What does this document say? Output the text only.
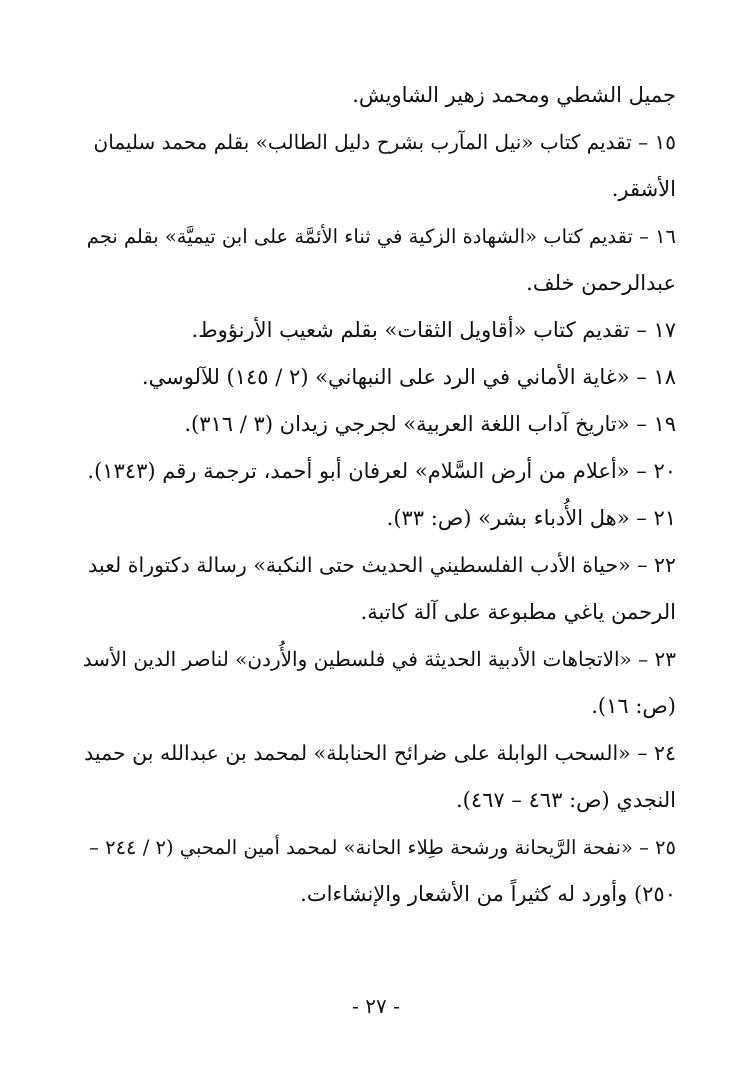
جميل الشطي ومحمد زهير الشاويش.
١٥ – تقديم كتاب «نيل المآرب بشرح دليل الطالب» بقلم محمد سليمان
الأشقر.
١٦ – تقديم كتاب «الشهادة الزكية في ثناء الأئمَّة على ابن تيميَّة» بقلم نجم
عبدالرحمن خلف.
١٧ – تقديم كتاب «أقاويل الثقات» بقلم شعيب الأرنؤوط.
١٨ – «غاية الأماني في الرد على النبهاني» (٢ / ١٤٥) للآلوسي.
١٩ – «تاريخ آداب اللغة العربية» لجرجي زيدان (٣ / ٣١٦).
٢٠ – «أعلام من أرض السَّلام» لعرفان أبو أحمد، ترجمة رقم (١٣٤٣).
٢١ – «هل الأُدباء بشر» (ص: ٣٣).
٢٢ – «حياة الأدب الفلسطيني الحديث حتى النكبة» رسالة دكتوراة لعبد
الرحمن ياغي مطبوعة على آلة كاتبة.
٢٣ – «الاتجاهات الأدبية الحديثة في فلسطين والأُردن» لناصر الدين الأسد
(ص: ١٦).
٢٤ – «السحب الوابلة على ضرائح الحنابلة» لمحمد بن عبدالله بن حميد
النجدي (ص: ٤٦٣ – ٤٦٧).
٢٥ – «نفحة الرَّيحانة ورشحة طِلاء الحانة» لمحمد أمين المحبي (٢ / ٢٤٤ –
٢٥٠) وأورد له كثيراً من الأشعار والإنشاءات.
- ٢٧ -
